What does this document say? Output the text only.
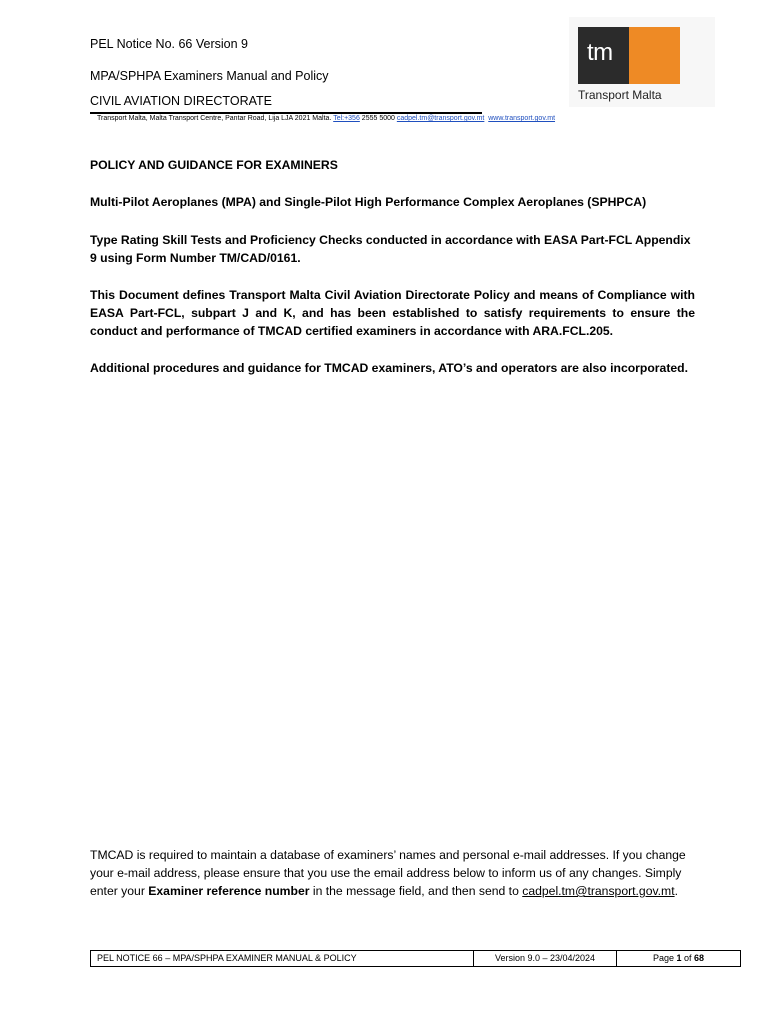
PEL Notice No. 66 Version 9
MPA/SPHPA Examiners Manual and Policy
CIVIL AVIATION DIRECTORATE
Transport Malta, Malta Transport Centre, Pantar Road, Lija LJA 2021 Malta. Tel:+356 2555 5000 cadpel.tm@transport.gov.mt www.transport.gov.mt
tm
Transport Malta
POLICY AND GUIDANCE FOR EXAMINERS
Multi-Pilot Aeroplanes (MPA) and Single-Pilot High Performance Complex Aeroplanes (SPHPCA)
Type Rating Skill Tests and Proficiency Checks conducted in accordance with EASA Part-FCL Appendix 9 using Form Number TM/CAD/0161.
This Document defines Transport Malta Civil Aviation Directorate Policy and means of Compliance with EASA Part-FCL, subpart J and K, and has been established to satisfy requirements to ensure the conduct and performance of TMCAD certified examiners in accordance with ARA.FCL.205.
Additional procedures and guidance for TMCAD examiners, ATO’s and operators are also incorporated.
TMCAD is required to maintain a database of examiners’ names and personal e-mail addresses. If you change your e-mail address, please ensure that you use the email address below to inform us of any changes. Simply enter your Examiner reference number in the message field, and then send to cadpel.tm@transport.gov.mt.
PEL NOTICE 66 – MPA/SPHPA EXAMINER MANUAL & POLICY	Version 9.0 – 23/04/2024	Page 1 of 68
